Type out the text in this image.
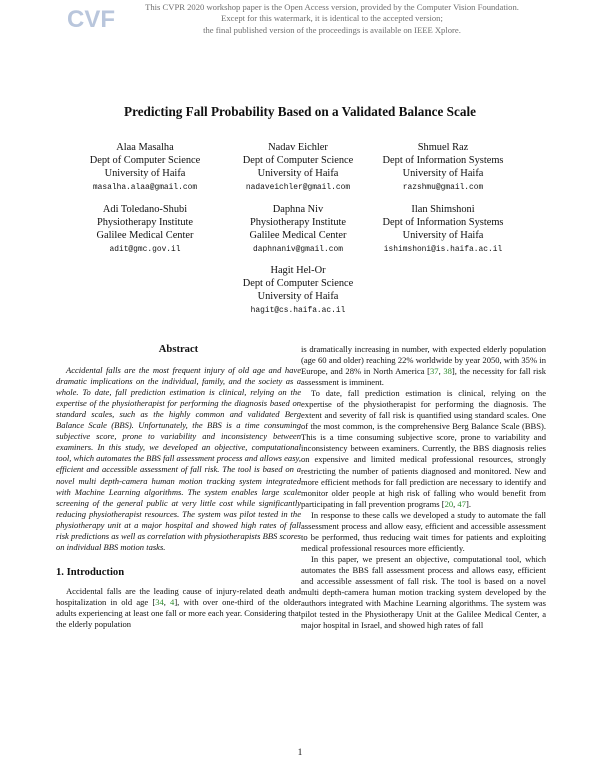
CVF	This CVPR 2020 workshop paper is the Open Access version, provided by the Computer Vision Foundation.
Except for this watermark, it is identical to the accepted version;
the final published version of the proceedings is available on IEEE Xplore.
Predicting Fall Probability Based on a Validated Balance Scale
Alaa Masalha
Dept of Computer Science
University of Haifa
masalha.alaa@gmail.com
Nadav Eichler
Dept of Computer Science
University of Haifa
nadaveichler@gmail.com
Shmuel Raz
Dept of Information Systems
University of Haifa
razshmu@gmail.com
Adi Toledano-Shubi
Physiotherapy Institute
Galilee Medical Center
adit@gmc.gov.il
Daphna Niv
Physiotherapy Institute
Galilee Medical Center
daphnaniv@gmail.com
Ilan Shimshoni
Dept of Information Systems
University of Haifa
ishimshoni@is.haifa.ac.il
Hagit Hel-Or
Dept of Computer Science
University of Haifa
hagit@cs.haifa.ac.il
Abstract

Accidental falls are the most frequent injury of old age and have dramatic implications on the individual, family, and the society as a whole. To date, fall prediction estimation is clinical, relying on the expertise of the physiotherapist for performing the diagnosis based on standard scales, such as the highly common and validated Berg Balance Scale (BBS). Unfortunately, the BBS is a time consuming subjective score, prone to variability and inconsistency between examiners. In this study, we developed an objective, computational tool, which automates the BBS fall assessment process and allows easy, efficient and accessible assessment of fall risk. The tool is based on a novel multi depth-camera human motion tracking system integrated with Machine Learning algorithms. The system enables large scale screening of the general public at very little cost while significantly reducing physiotherapist resources. The system was pilot tested in the physiotherapy unit at a major hospital and showed high rates of fall risk predictions as well as correlation with physiotherapists BBS scores on individual BBS motion tasks.

1. Introduction

Accidental falls are the leading cause of injury-related death and hospitalization in old age [34, 4], with over one-third of the older adults experiencing at least one fall or more each year. Considering that the elderly population

is dramatically increasing in number, with expected elderly population (age 60 and older) reaching 22% worldwide by year 2050, with 35% in Europe, and 28% in North America [37, 38], the necessity for fall risk assessment is imminent.

To date, fall prediction estimation is clinical, relying on the expertise of the physiotherapist for performing the diagnosis. The extent and severity of fall risk is quantified using standard scales. One of the most common, is the comprehensive Berg Balance Scale (BBS). This is a time consuming subjective score, prone to variability and inconsistency between examiners. Currently, the BBS diagnosis relies on expensive and limited medical professional resources, strongly restricting the number of patients diagnosed and monitored. New and more efficient methods for fall prediction are necessary to identify and monitor older people at high risk of falling who would benefit from participating in fall prevention programs [20, 47].

In response to these calls we developed a study to automate the fall assessment process and allow easy, efficient and accessible assessment to be performed, thus reducing wait times for patients and exploiting medical professional resources more efficiently.

In this paper, we present an objective, computational tool, which automates the BBS fall assessment process and allows easy, efficient and accessible assessment of fall risk. The tool is based on a novel multi depth-camera human motion tracking system developed by the authors integrated with Machine Learning algorithms. The system was pilot tested in the Physiotherapy Unit at the Galilee Medical Center, a major hospital in Israel, and showed high rates of fall

1
